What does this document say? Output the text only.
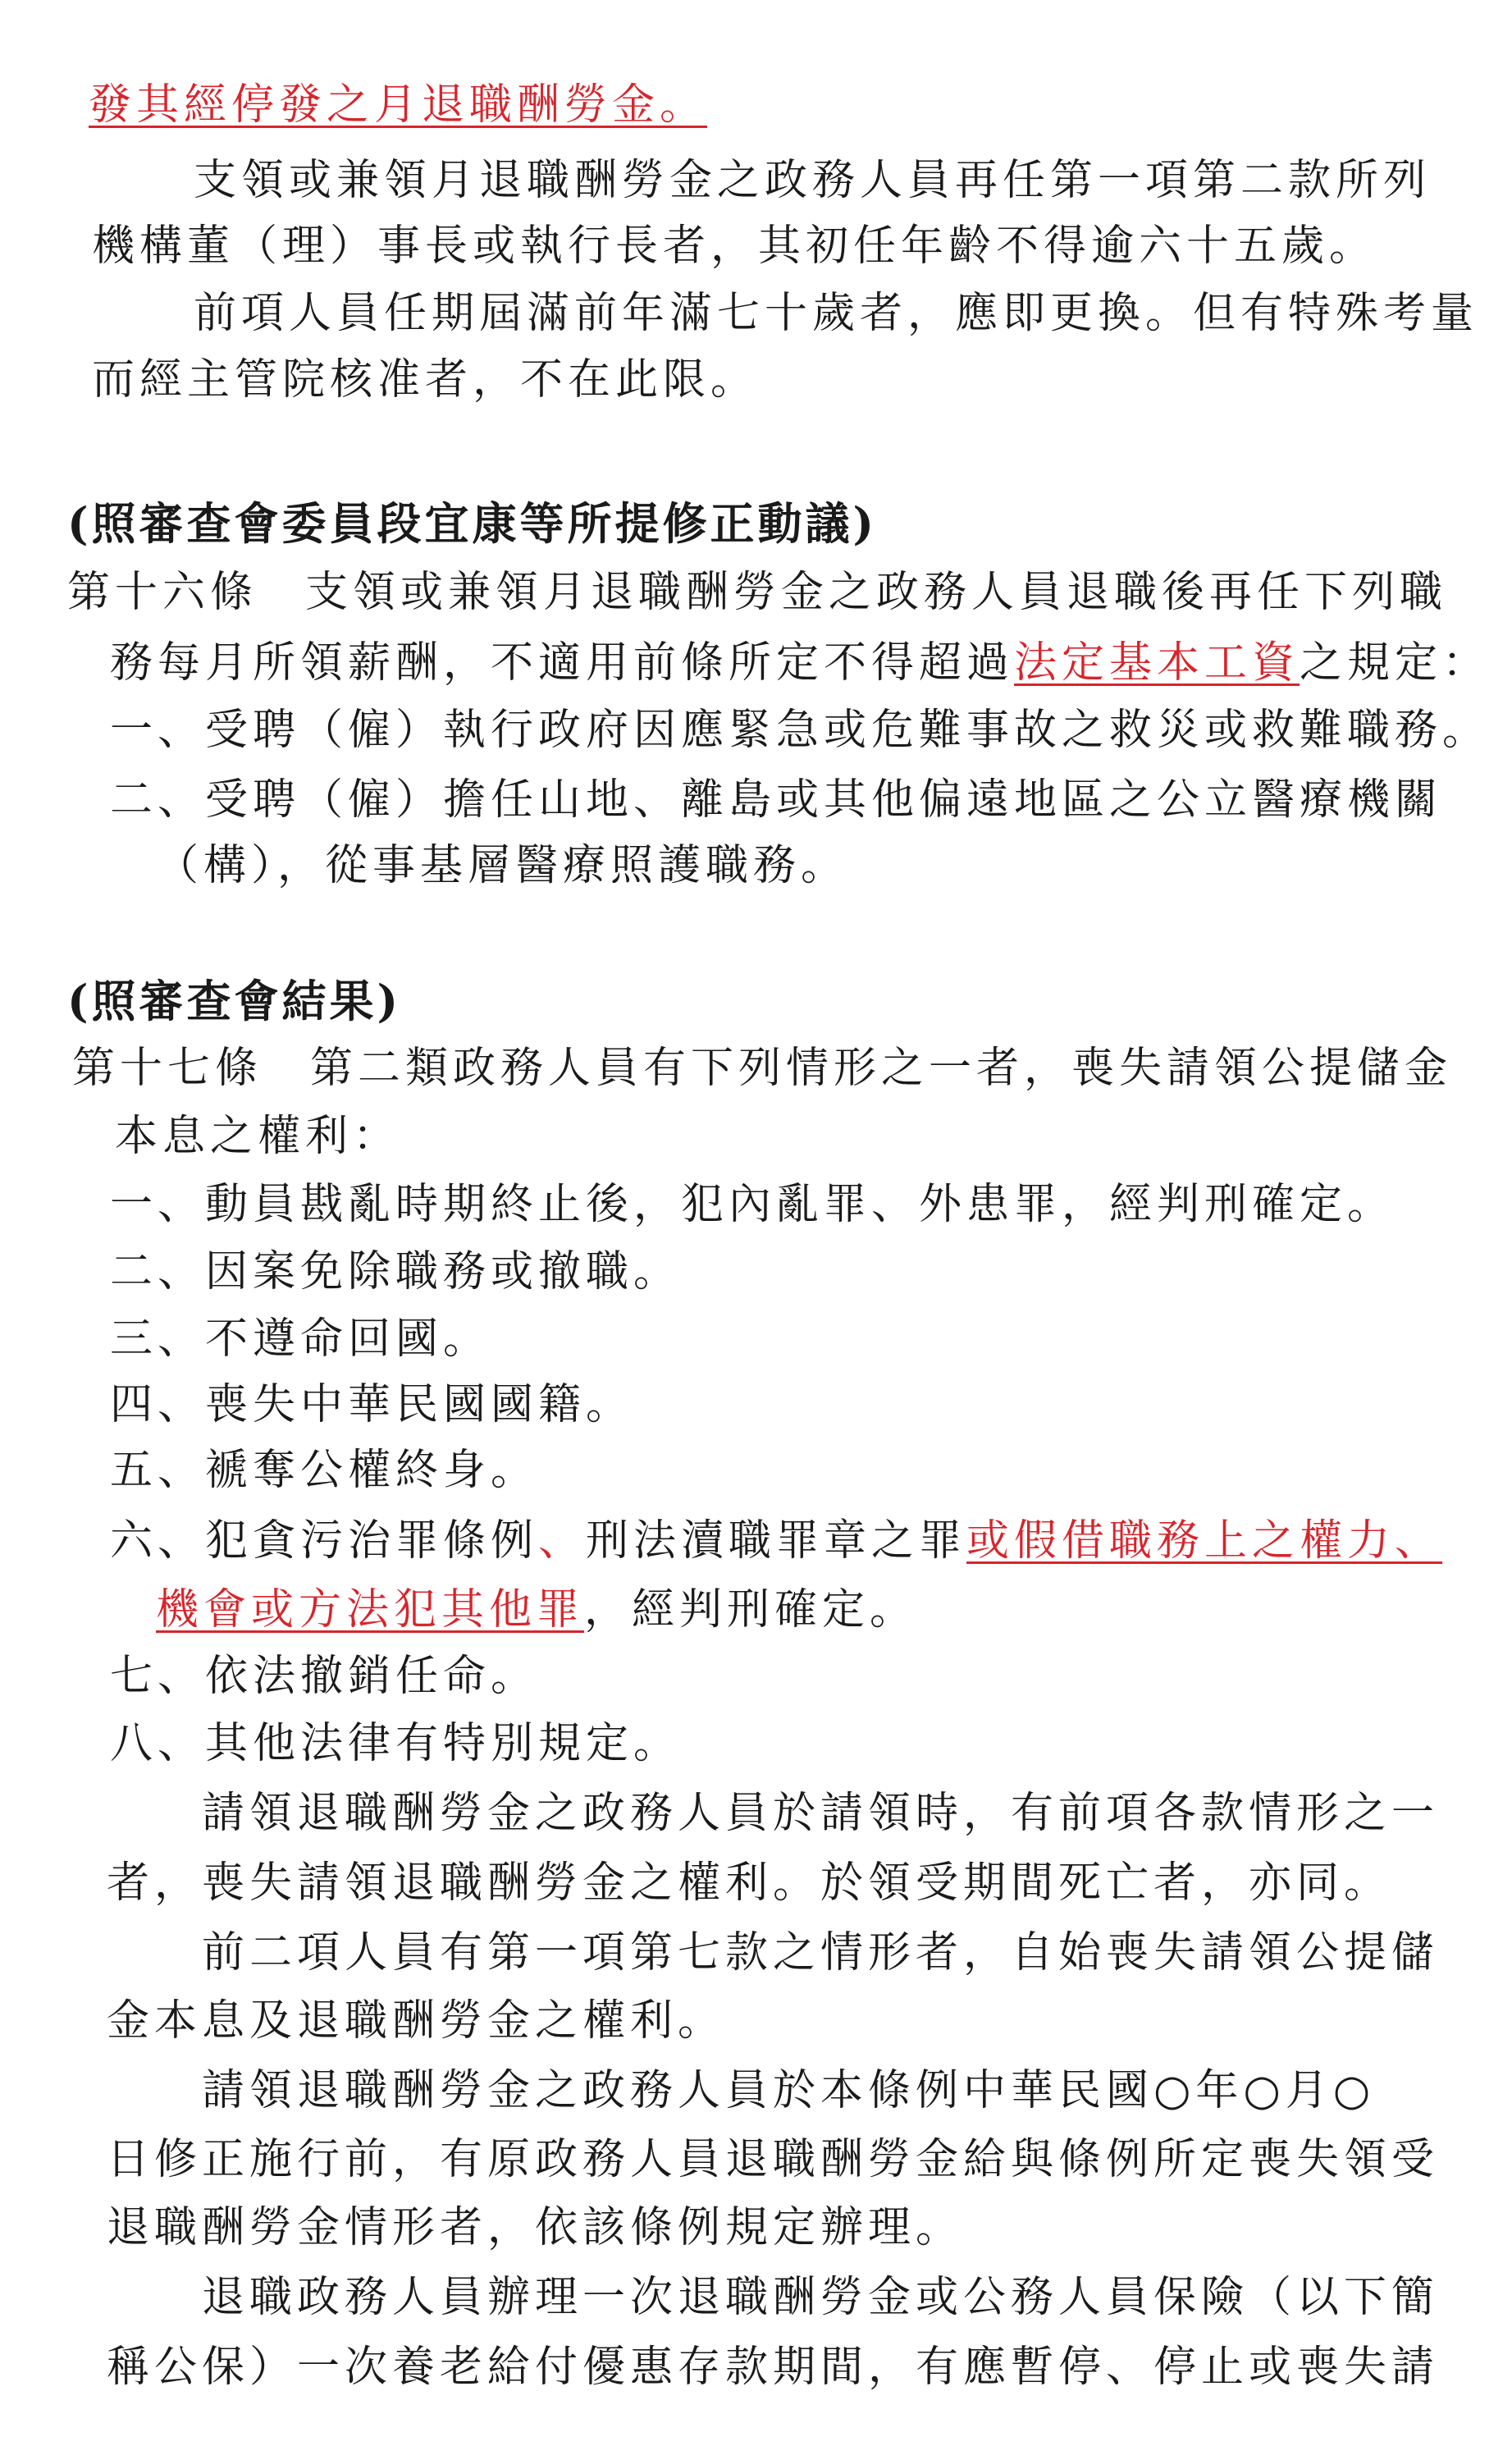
發其經停發之月退職酬勞金。
支領或兼領月退職酬勞金之政務人員再任第一項第二款所列
機構董（理）事長或執行長者，其初任年齡不得逾六十五歲。
前項人員任期屆滿前年滿七十歲者，應即更換。但有特殊考量
而經主管院核准者，不在此限。
(照審查會委員段宜康等所提修正動議)
第十六條　支領或兼領月退職酬勞金之政務人員退職後再任下列職
務每月所領薪酬，不適用前條所定不得超過法定基本工資之規定：
一、受聘（僱）執行政府因應緊急或危難事故之救災或救難職務。
二、受聘（僱）擔任山地、離島或其他偏遠地區之公立醫療機關
（構），從事基層醫療照護職務。
(照審查會結果)
第十七條　第二類政務人員有下列情形之一者，喪失請領公提儲金
本息之權利：
一、動員戡亂時期終止後，犯內亂罪、外患罪，經判刑確定。
二、因案免除職務或撤職。
三、不遵命回國。
四、喪失中華民國國籍。
五、褫奪公權終身。
六、犯貪污治罪條例、刑法瀆職罪章之罪或假借職務上之權力、
機會或方法犯其他罪，經判刑確定。
七、依法撤銷任命。
八、其他法律有特別規定。
請領退職酬勞金之政務人員於請領時，有前項各款情形之一
者，喪失請領退職酬勞金之權利。於領受期間死亡者，亦同。
前二項人員有第一項第七款之情形者，自始喪失請領公提儲
金本息及退職酬勞金之權利。
請領退職酬勞金之政務人員於本條例中華民國○年○月○
日修正施行前，有原政務人員退職酬勞金給與條例所定喪失領受
退職酬勞金情形者，依該條例規定辦理。
退職政務人員辦理一次退職酬勞金或公務人員保險（以下簡
稱公保）一次養老給付優惠存款期間，有應暫停、停止或喪失請
